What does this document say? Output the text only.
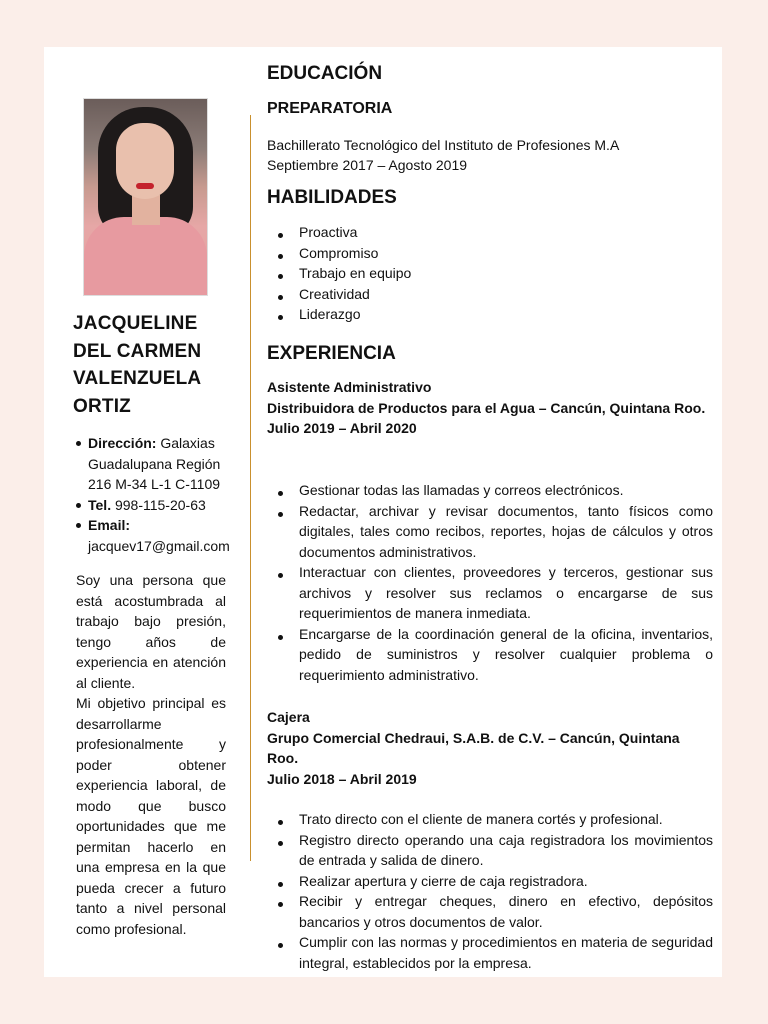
JACQUELINE
DEL CARMEN
VALENZUELA
ORTIZ
Dirección: Galaxias
Guadalupana Región
216 M-34 L-1 C-1109
Tel. 998-115-20-63
Email:
jacquev17@gmail.com

Soy una persona que está acostumbrada al trabajo bajo presión, tengo años de experiencia en atención al cliente.

Mi objetivo principal es desarrollarme profesionalmente y poder obtener experiencia laboral, de modo que busco oportunidades que me permitan hacerlo en una empresa en la que pueda crecer a futuro tanto a nivel personal como profesional.

EDUCACIÓN
PREPARATORIA
Bachillerato Tecnológico del Instituto de Profesiones M.A
Septiembre 2017 – Agosto 2019
HABILIDADES
Proactiva
Compromiso
Trabajo en equipo
Creatividad
Liderazgo
EXPERIENCIA
Asistente Administrativo
Distribuidora de Productos para el Agua – Cancún, Quintana Roo.
Julio 2019 – Abril 2020
Gestionar todas las llamadas y correos electrónicos.
Redactar, archivar y revisar documentos, tanto físicos como digitales, tales como recibos, reportes, hojas de cálculos y otros documentos administrativos.
Interactuar con clientes, proveedores y terceros, gestionar sus archivos y resolver sus reclamos o encargarse de sus requerimientos de manera inmediata.
Encargarse de la coordinación general de la oficina, inventarios, pedido de suministros y resolver cualquier problema o requerimiento administrativo.
Cajera
Grupo Comercial Chedraui, S.A.B. de C.V. – Cancún, Quintana Roo.
Julio 2018 – Abril 2019
Trato directo con el cliente de manera cortés y profesional.
Registro directo operando una caja registradora los movimientos de entrada y salida de dinero.
Realizar apertura y cierre de caja registradora.
Recibir y entregar cheques, dinero en efectivo, depósitos bancarios y otros documentos de valor.
Cumplir con las normas y procedimientos en materia de seguridad integral, establecidos por la empresa.
